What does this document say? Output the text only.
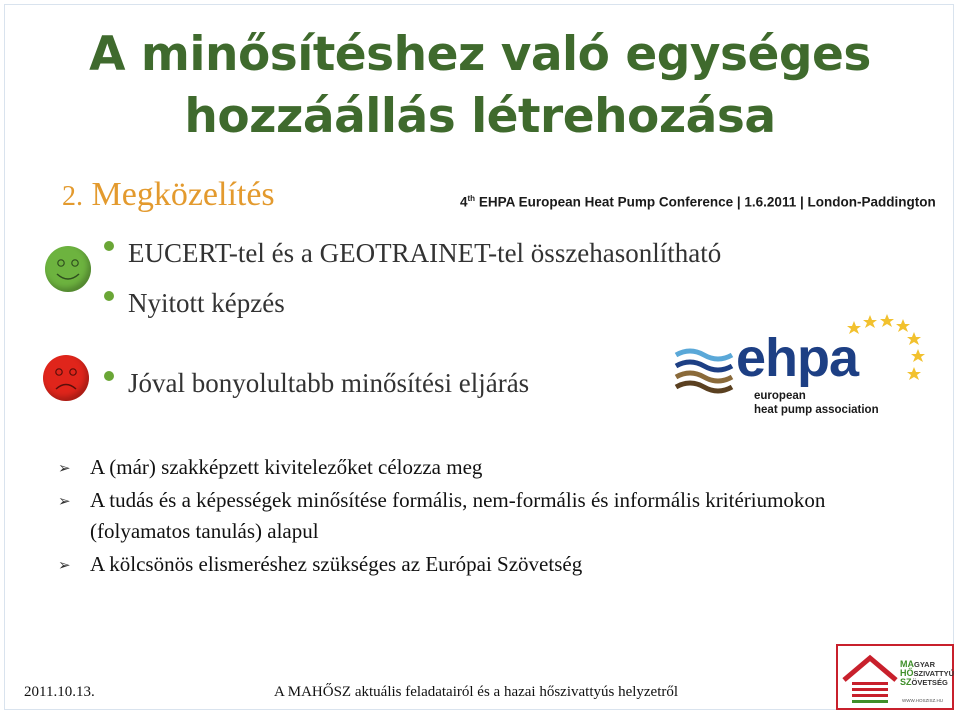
A minősítéshez való egységes
hozzáállás létrehozása
2. Megközelítés	4th EHPA European Heat Pump Conference | 1.6.2011 | London-Paddington
EUCERT-tel és a GEOTRAINET-tel összehasonlítható
Nyitott képzés
Jóval bonyolultabb minősítési eljárás	ehpa
european
heat pump association
➢ A (már) szakképzett kivitelezőket célozza meg
➢ A tudás és a képességek minősítése formális, nem-formális és informális kritériumokon (folyamatos tanulás) alapul
➢ A kölcsönös elismeréshez szükséges az Európai Szövetség
2011.10.13.	A MAHŐSZ aktuális feladatairól és a hazai hőszivattyús helyzetről
MAGYAR
HŐSZIVATTYÚ
SZÖVETSÉG
WWW.HOSZISZ.HU
